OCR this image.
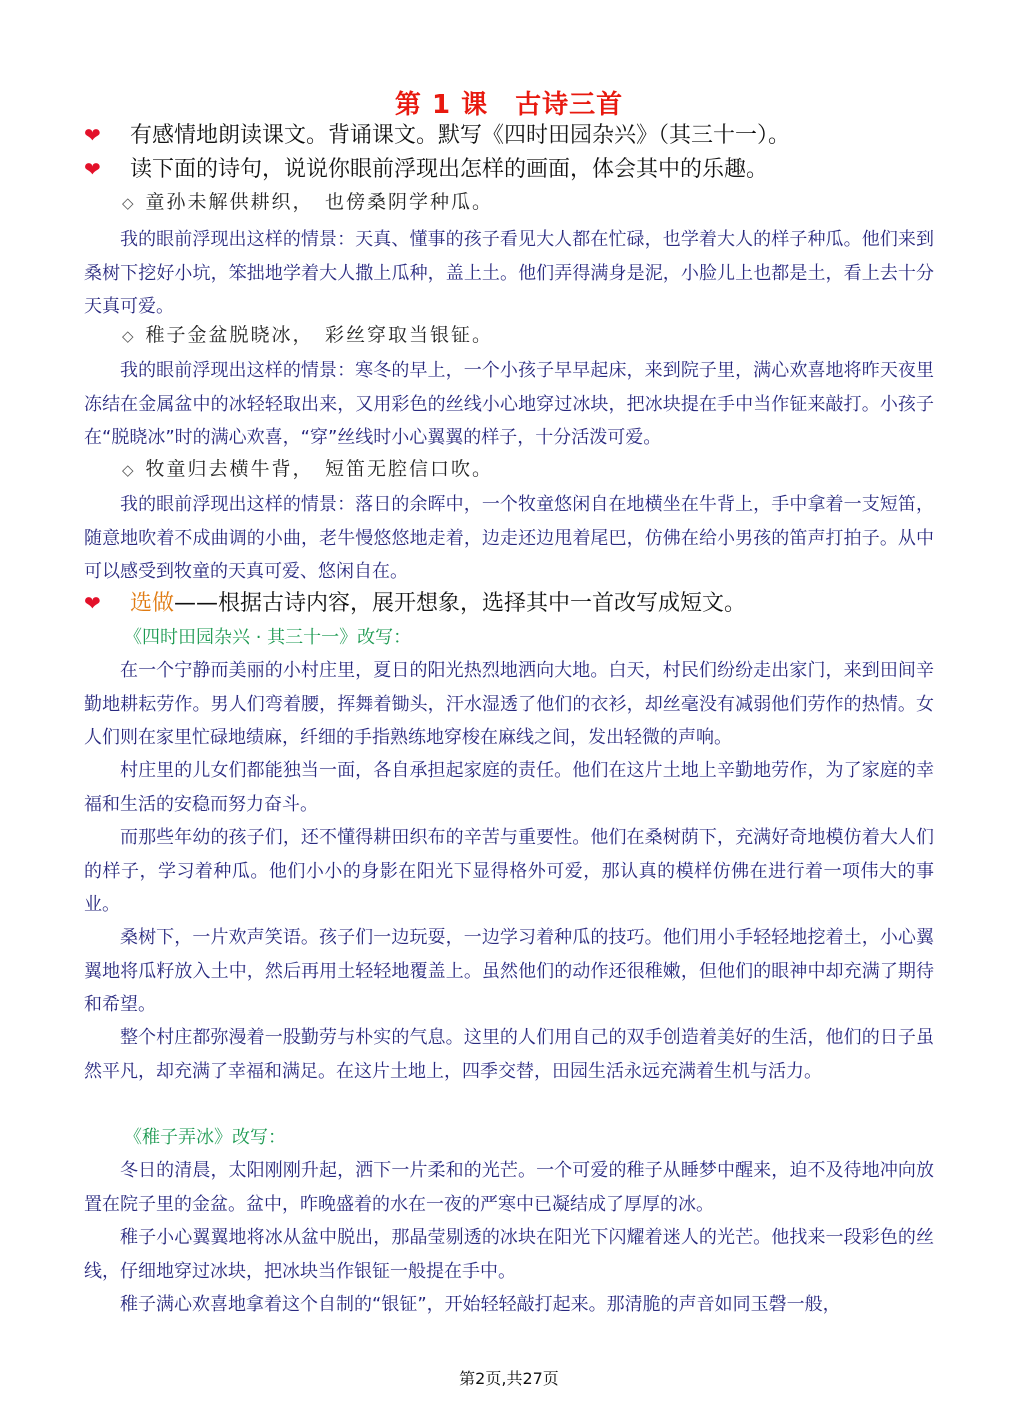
第 1 课　古诗三首
❤ 有感情地朗读课文。背诵课文。默写《四时田园杂兴》（其三十一）。
❤ 读下面的诗句，说说你眼前浮现出怎样的画面，体会其中的乐趣。
◇ 童孙未解供耕织，　也傍桑阴学种瓜。

我的眼前浮现出这样的情景：天真、懂事的孩子看见大人都在忙碌，也学着大人的样子种瓜。他们来到桑树下挖好小坑，笨拙地学着大人撒上瓜种，盖上土。他们弄得满身是泥，小脸儿上也都是土，看上去十分天真可爱。

◇ 稚子金盆脱晓冰，　彩丝穿取当银钲。

我的眼前浮现出这样的情景：寒冬的早上，一个小孩子早早起床，来到院子里，满心欢喜地将昨天夜里冻结在金属盆中的冰轻轻取出来，又用彩色的丝线小心地穿过冰块，把冰块提在手中当作钲来敲打。小孩子在“脱晓冰”时的满心欢喜，“穿”丝线时小心翼翼的样子，十分活泼可爱。

◇ 牧童归去横牛背，　短笛无腔信口吹。

我的眼前浮现出这样的情景：落日的余晖中，一个牧童悠闲自在地横坐在牛背上，手中拿着一支短笛，随意地吹着不成曲调的小曲，老牛慢悠悠地走着，边走还边甩着尾巴，仿佛在给小男孩的笛声打拍子。从中可以感受到牧童的天真可爱、悠闲自在。

❤ 选做——根据古诗内容，展开想象，选择其中一首改写成短文。
《四时田园杂兴 · 其三十一》改写：

在一个宁静而美丽的小村庄里，夏日的阳光热烈地洒向大地。白天，村民们纷纷走出家门，来到田间辛勤地耕耘劳作。男人们弯着腰，挥舞着锄头，汗水湿透了他们的衣衫，却丝毫没有减弱他们劳作的热情。女人们则在家里忙碌地绩麻，纤细的手指熟练地穿梭在麻线之间，发出轻微的声响。

村庄里的儿女们都能独当一面，各自承担起家庭的责任。他们在这片土地上辛勤地劳作，为了家庭的幸福和生活的安稳而努力奋斗。

而那些年幼的孩子们，还不懂得耕田织布的辛苦与重要性。他们在桑树荫下，充满好奇地模仿着大人们的样子，学习着种瓜。他们小小的身影在阳光下显得格外可爱，那认真的模样仿佛在进行着一项伟大的事业。

桑树下，一片欢声笑语。孩子们一边玩耍，一边学习着种瓜的技巧。他们用小手轻轻地挖着土，小心翼翼地将瓜籽放入土中，然后再用土轻轻地覆盖上。虽然他们的动作还很稚嫩，但他们的眼神中却充满了期待和希望。

整个村庄都弥漫着一股勤劳与朴实的气息。这里的人们用自己的双手创造着美好的生活，他们的日子虽然平凡，却充满了幸福和满足。在这片土地上，四季交替，田园生活永远充满着生机与活力。

《稚子弄冰》改写：

冬日的清晨，太阳刚刚升起，洒下一片柔和的光芒。一个可爱的稚子从睡梦中醒来，迫不及待地冲向放置在院子里的金盆。盆中，昨晚盛着的水在一夜的严寒中已凝结成了厚厚的冰。

稚子小心翼翼地将冰从盆中脱出，那晶莹剔透的冰块在阳光下闪耀着迷人的光芒。他找来一段彩色的丝线，仔细地穿过冰块，把冰块当作银钲一般提在手中。

稚子满心欢喜地拿着这个自制的“银钲”，开始轻轻敲打起来。那清脆的声音如同玉磬一般，

第2页,共27页
